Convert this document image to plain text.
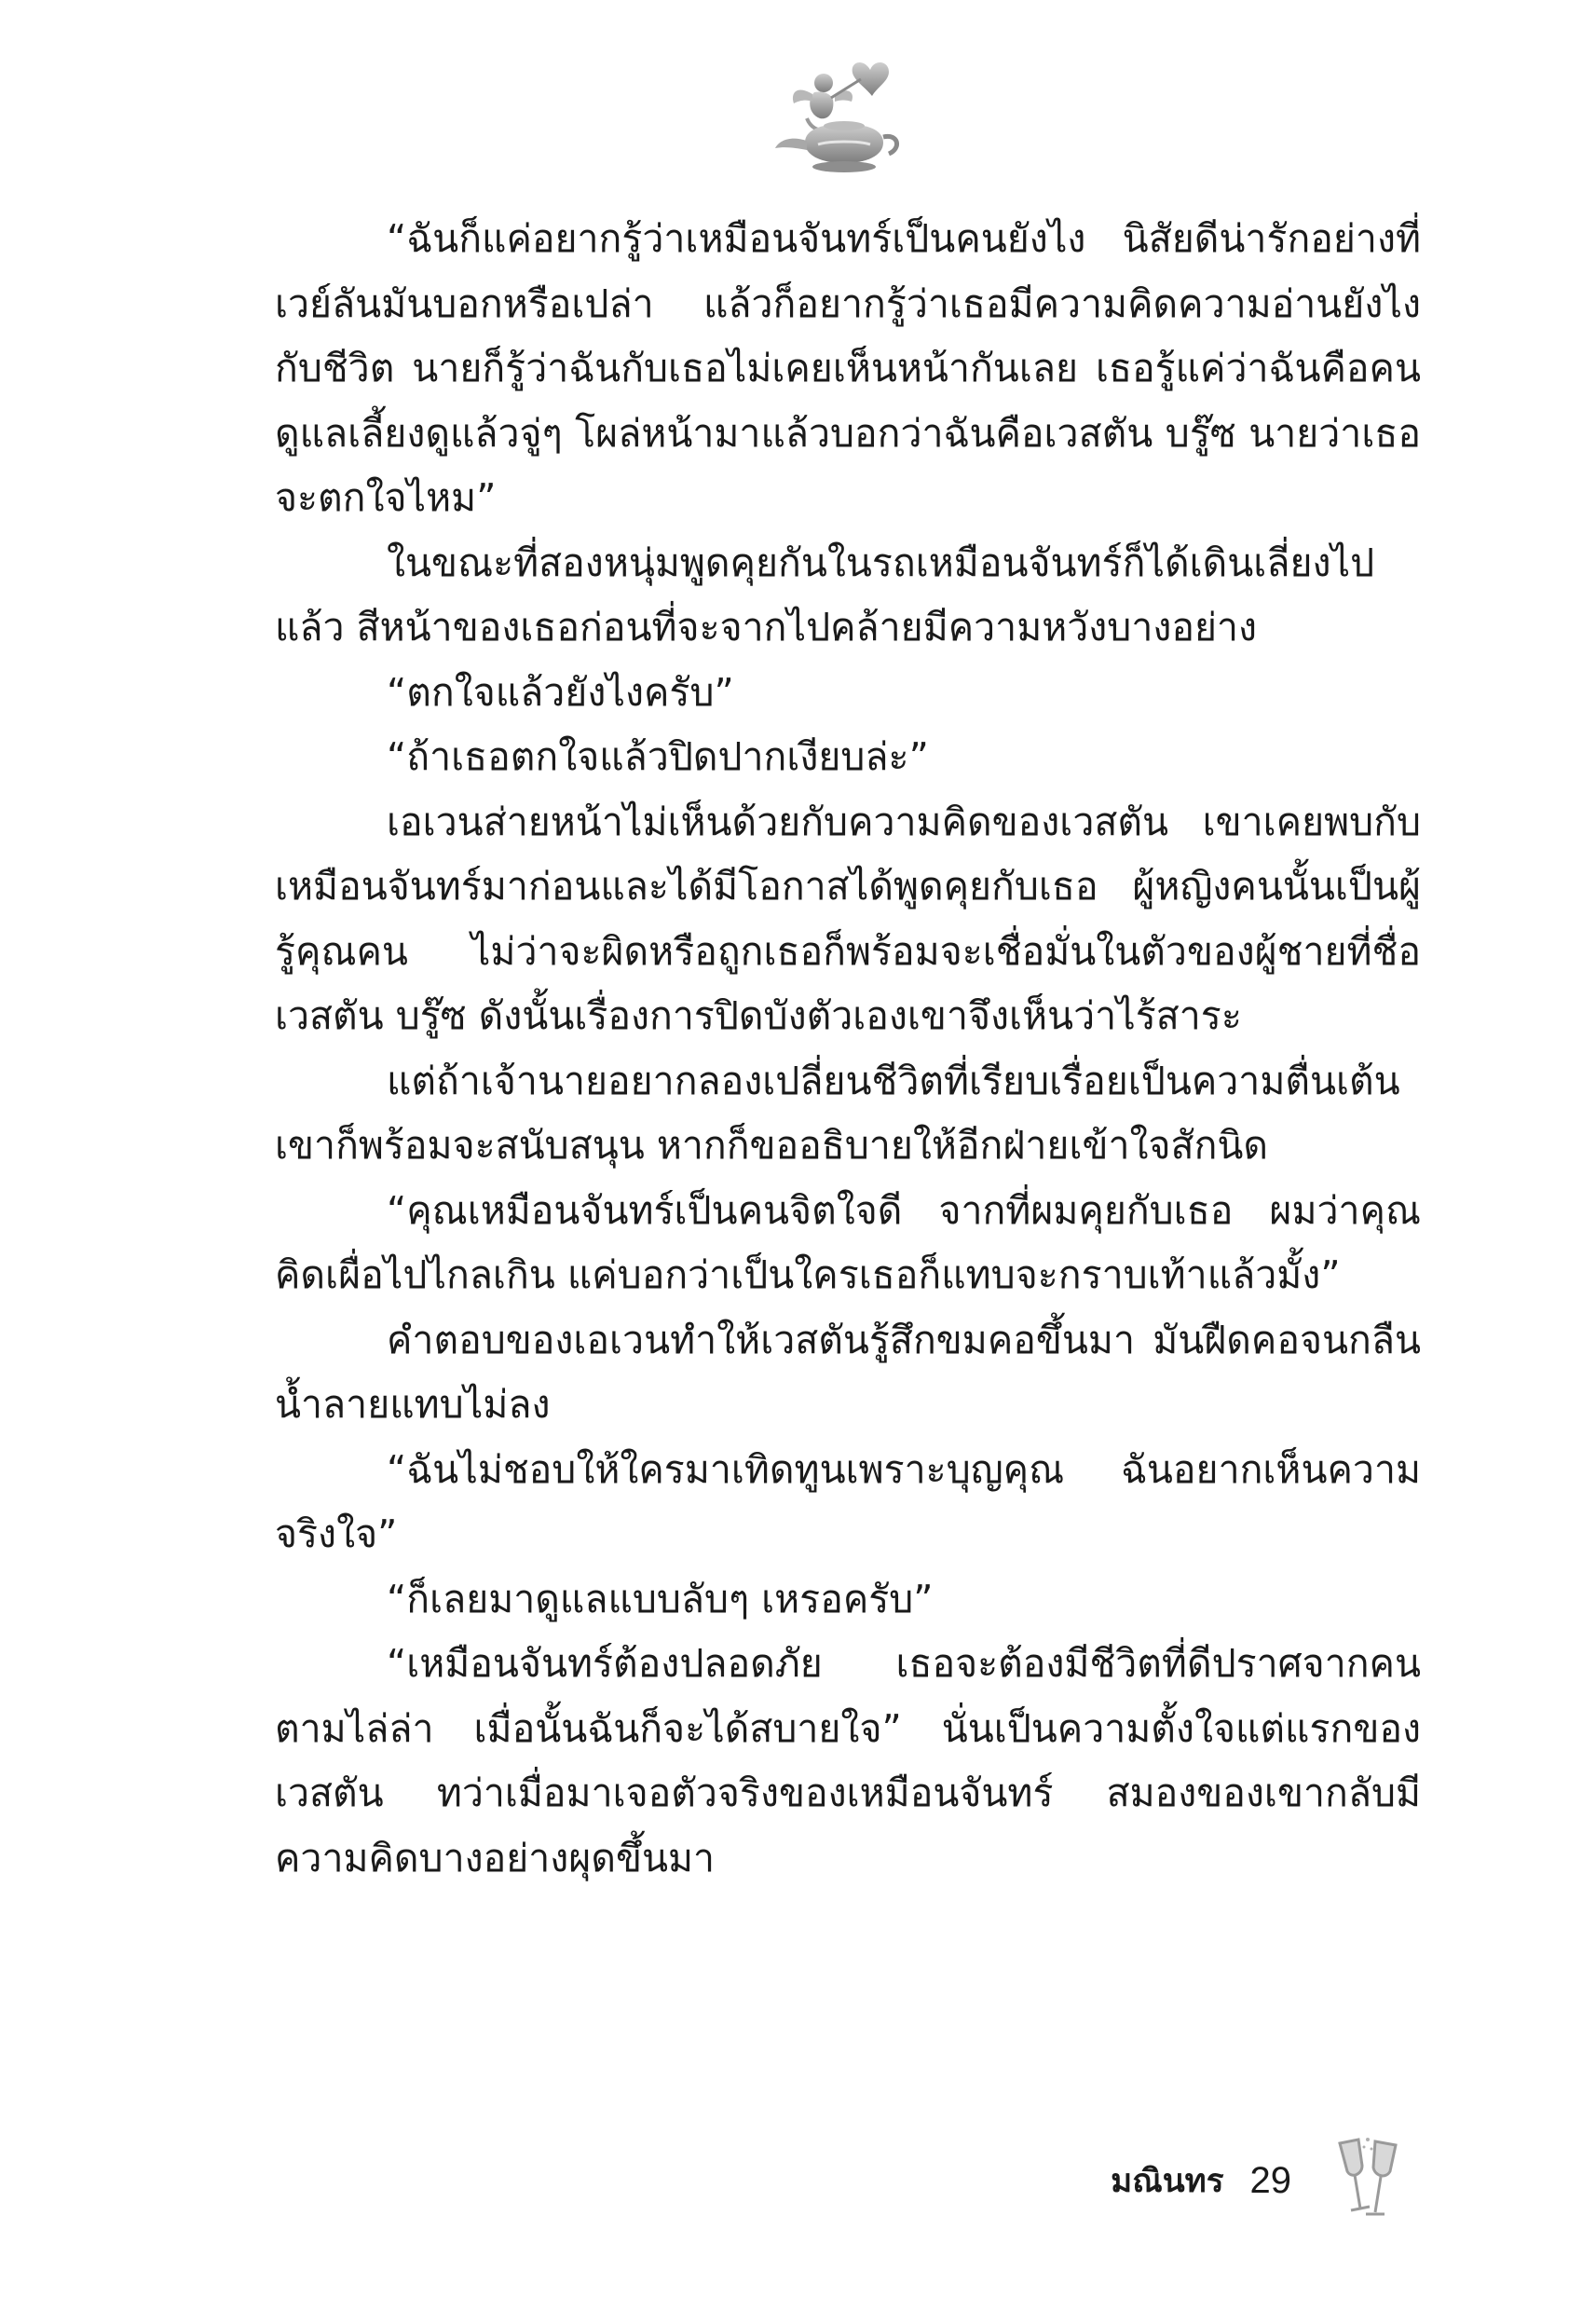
“ฉันก็แค่อยากรู้ว่าเหมือนจันทร์เป็นคนยังไง นิสัยดีน่ารักอย่างที่เวย์ลันมันบอกหรือเปล่า แล้วก็อยากรู้ว่าเธอมีความคิดความอ่านยังไงกับชีวิต นายก็รู้ว่าฉันกับเธอไม่เคยเห็นหน้ากันเลย เธอรู้แค่ว่าฉันคือคนดูแลเลี้ยงดูแล้วจู่ๆ โผล่หน้ามาแล้วบอกว่าฉันคือเวสตัน บรู๊ซ นายว่าเธอจะตกใจไหม”

ในขณะที่สองหนุ่มพูดคุยกันในรถเหมือนจันทร์ก็ได้เดินเลี่ยงไปแล้ว สีหน้าของเธอก่อนที่จะจากไปคล้ายมีความหวังบางอย่าง

“ตกใจแล้วยังไงครับ”

“ถ้าเธอตกใจแล้วปิดปากเงียบล่ะ”

เอเวนส่ายหน้าไม่เห็นด้วยกับความคิดของเวสตัน เขาเคยพบกับเหมือนจันทร์มาก่อนและได้มีโอกาสได้พูดคุยกับเธอ ผู้หญิงคนนั้นเป็นผู้รู้คุณคน ไม่ว่าจะผิดหรือถูกเธอก็พร้อมจะเชื่อมั่นในตัวของผู้ชายที่ชื่อเวสตัน บรู๊ซ ดังนั้นเรื่องการปิดบังตัวเองเขาจึงเห็นว่าไร้สาระ

แต่ถ้าเจ้านายอยากลองเปลี่ยนชีวิตที่เรียบเรื่อยเป็นความตื่นเต้นเขาก็พร้อมจะสนับสนุน หากก็ขออธิบายให้อีกฝ่ายเข้าใจสักนิด

“คุณเหมือนจันทร์เป็นคนจิตใจดี จากที่ผมคุยกับเธอ ผมว่าคุณคิดเผื่อไปไกลเกิน แค่บอกว่าเป็นใครเธอก็แทบจะกราบเท้าแล้วมั้ง”

คำตอบของเอเวนทำให้เวสตันรู้สึกขมคอขึ้นมา มันฝืดคอจนกลืนน้ำลายแทบไม่ลง

“ฉันไม่ชอบให้ใครมาเทิดทูนเพราะบุญคุณ ฉันอยากเห็นความจริงใจ”

“ก็เลยมาดูแลแบบลับๆ เหรอครับ”

“เหมือนจันทร์ต้องปลอดภัย เธอจะต้องมีชีวิตที่ดีปราศจากคนตามไล่ล่า เมื่อนั้นฉันก็จะได้สบายใจ” นั่นเป็นความตั้งใจแต่แรกของเวสตัน ทว่าเมื่อมาเจอตัวจริงของเหมือนจันทร์ สมองของเขากลับมีความคิดบางอย่างผุดขึ้นมา

มณินทร 29
